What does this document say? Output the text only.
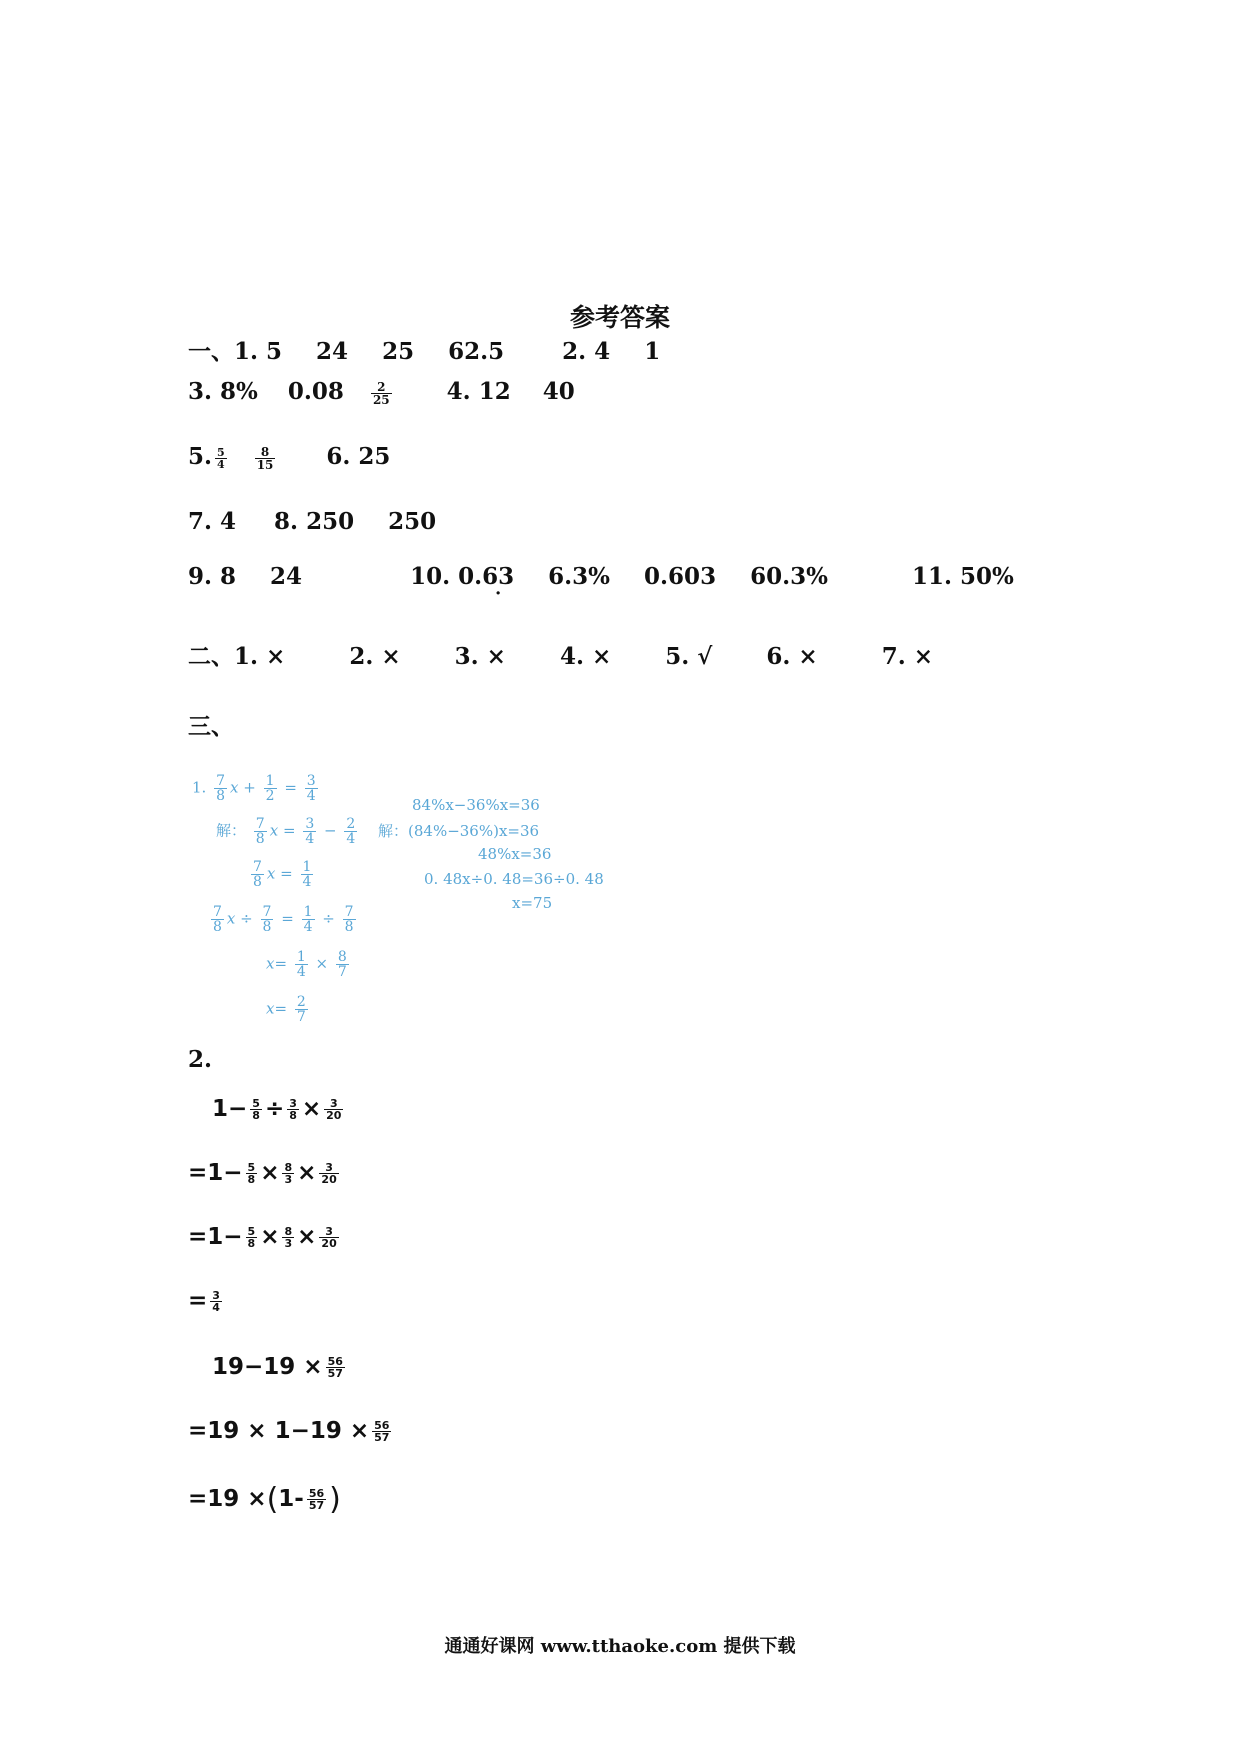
参考答案
一、1. 5 24 25 62.5	2. 4 1
3. 8% $0.08 \frac{2}{25} 4$. 12 40
5. $\frac{5}{4}$
$\frac{8}{15} 6$. 25
7. 4 8. 250 250
9. 8 24	10. 0.63 · 6.3% 0.603 60.3%	11. 50%
二、1. ×	2. × 3. × 4. × 5. √ 6. ×	7. ×
三、
1. $\frac{7}{8}$ $x + \frac{1}{2} = \frac{3}{4}$
解： $\frac{7}{8}$ $x = \frac{3}{4} - \frac{2}{4}$
$\frac{7}{8}$ $x = \frac{1}{4}$
$\frac{7}{8}$ $x \div \frac{7}{8} = \frac{1}{4} \div \frac{7}{8}$
$x= \frac{1}{4} \times \frac{8}{7}$
$x= \frac{2}{7}$
84%x−36%x=36
解：(84%−36%)x=36
48%x=36
0. 48x÷0. 48=36÷0. 48
x=75
2.
$1- \frac{5}{8} \div \frac{3}{8} \times \frac{3}{20}$
$=1- \frac{5}{8} \times \frac{8}{3} \times \frac{3}{20}$
$=1- \frac{5}{8} \times \frac{8}{3} \times \frac{3}{20}$
= $\frac{3}{4}$
$19-19 \times \frac{56}{57}$
$=19 \times 1-19 \times \frac{56}{57}$
$=19 \times(1- \frac{56}{57}$ )
通通好课网 www.tthaoke.com 提供下载
